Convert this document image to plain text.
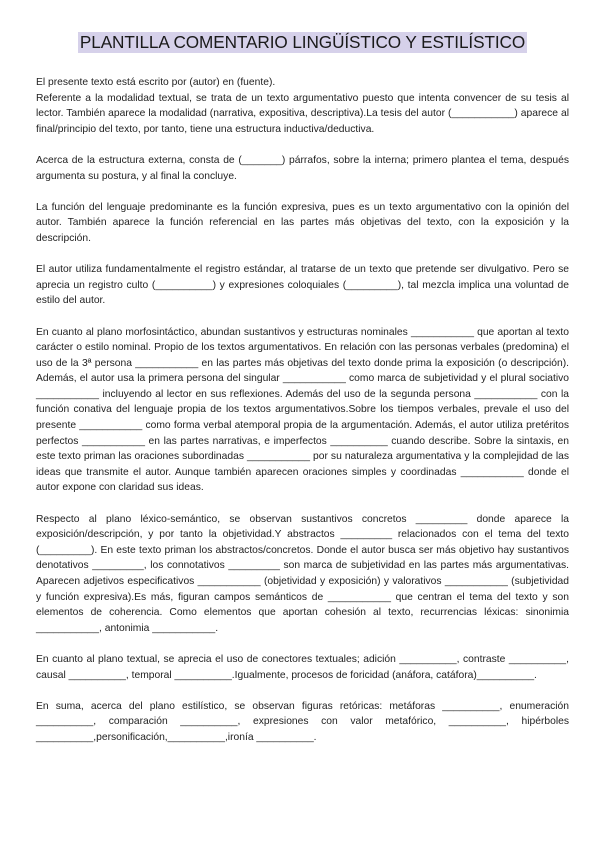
PLANTILLA COMENTARIO LINGÜÍSTICO Y ESTILÍSTICO

El presente texto está escrito por (autor) en (fuente).
Referente a la modalidad textual, se trata de un texto argumentativo puesto que intenta convencer de su tesis al lector. También aparece la modalidad (narrativa, expositiva, descriptiva).La tesis del autor (___________) aparece al final/principio del texto, por tanto, tiene una estructura inductiva/deductiva.

Acerca de la estructura externa, consta de (_______) párrafos, sobre la interna; primero plantea el tema, después argumenta su postura, y al final la concluye.

La función del lenguaje predominante es la función expresiva, pues es un texto argumentativo con la opinión del autor. También aparece la función referencial en las partes más objetivas del texto, con la exposición y la descripción.

El autor utiliza fundamentalmente el registro estándar, al tratarse de un texto que pretende ser divulgativo. Pero se aprecia un registro culto (__________) y expresiones coloquiales (_________), tal mezcla implica una voluntad de estilo del autor.

En cuanto al plano morfosintáctico, abundan sustantivos y estructuras nominales ___________ que aportan al texto carácter o estilo nominal. Propio de los textos argumentativos. En relación con las personas verbales (predomina) el uso de la 3ª persona ___________ en las partes más objetivas del texto donde prima la exposición (o descripción). Además, el autor usa la primera persona del singular ___________ como marca de subjetividad y el plural sociativo ___________ incluyendo al lector en sus reflexiones. Además del uso de la segunda persona ___________ con la función conativa del lenguaje propia de los textos argumentativos.Sobre los tiempos verbales, prevale el uso del presente ___________ como forma verbal atemporal propia de la argumentación. Además, el autor utiliza pretéritos perfectos ___________ en las partes narrativas, e imperfectos __________ cuando describe. Sobre la sintaxis, en este texto priman las oraciones subordinadas ___________ por su naturaleza argumentativa y la complejidad de las ideas que transmite el autor. Aunque también aparecen oraciones simples y coordinadas ___________ donde el autor expone con claridad sus ideas.

Respecto al plano léxico-semántico, se observan sustantivos concretos _________ donde aparece la exposición/descripción, y por tanto la objetividad.Y abstractos _________ relacionados con el tema del texto (_________). En este texto priman los abstractos/concretos. Donde el autor busca ser más objetivo hay sustantivos denotativos _________, los connotativos _________ son marca de subjetividad en las partes más argumentativas. Aparecen adjetivos especificativos ___________ (objetividad y exposición) y valorativos ___________ (subjetividad y función expresiva).Es más, figuran campos semánticos de ___________ que centran el tema del texto y son elementos de coherencia. Como elementos que aportan cohesión al texto, recurrencias léxicas: sinonimia ___________, antonimia ___________.

En cuanto al plano textual, se aprecia el uso de conectores textuales; adición __________, contraste __________, causal __________, temporal __________.Igualmente, procesos de foricidad (anáfora, catáfora)__________.

En suma, acerca del plano estilístico, se observan figuras retóricas: metáforas __________, enumeración __________, comparación __________, expresiones con valor metafórico, __________, hipérboles __________,personificación,__________,ironía __________.
